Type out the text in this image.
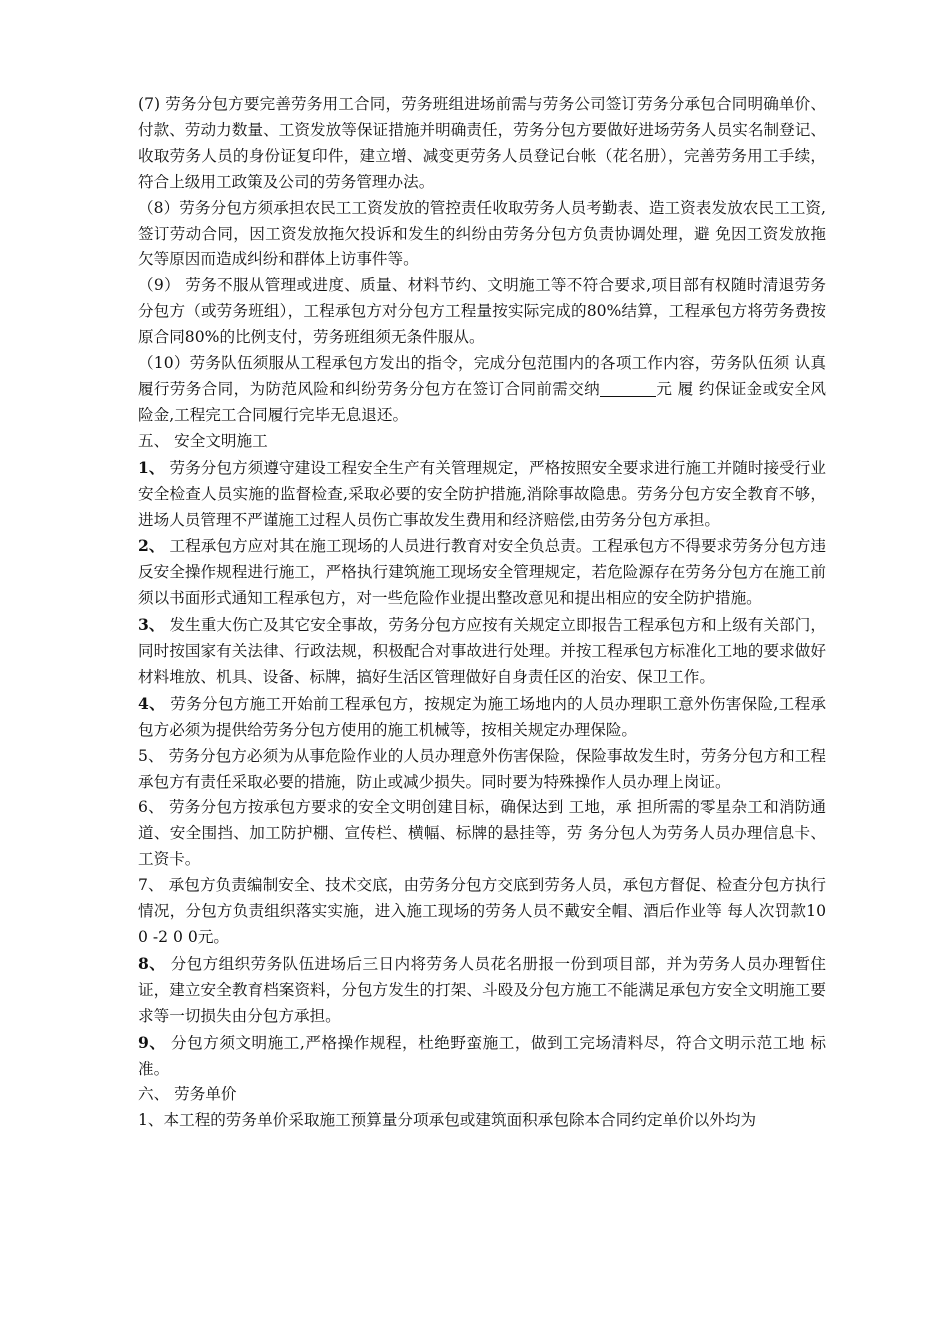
(7) 劳务分包方要完善劳务用工合同，劳务班组进场前需与劳务公司签订劳务分承包合同明确单价、付款、劳动力数量、工资发放等保证措施并明确责任，劳务分包方要做好进场劳务人员实名制登记、收取劳务人员的身份证复印件，建立增、减变更劳务人员登记台帐（花名册），完善劳务用工手续，符合上级用工政策及公司的劳务管理办法。

（8）劳务分包方须承担农民工工资发放的管控责任收取劳务人员考勤表、造工资表发放农民工工资,签订劳动合同，因工资发放拖欠投诉和发生的纠纷由劳务分包方负责协调处理，避 免因工资发放拖欠等原因而造成纠纷和群体上访事件等。

（9） 劳务不服从管理或进度、质量、材料节约、文明施工等不符合要求,项目部有权随时清退劳务分包方（或劳务班组），工程承包方对分包方工程量按实际完成的80%结算，工程承包方将劳务费按原合同80%的比例支付，劳务班组须无条件服从。

（10）劳务队伍须服从工程承包方发出的指令，完成分包范围内的各项工作内容，劳务队伍须 认真履行劳务合同，为防范风险和纠纷劳务分包方在签订合同前需交纳	元 履 约保证金或安全风险金,工程完工合同履行完毕无息退还。

五、 安全文明施工

1、 劳务分包方须遵守建设工程安全生产有关管理规定，严格按照安全要求进行施工并随时接受行业安全检查人员实施的监督检查,采取必要的安全防护措施,消除事故隐患。劳务分包方安全教育不够，进场人员管理不严谨施工过程人员伤亡事故发生费用和经济赔偿,由劳务分包方承担。

2、 工程承包方应对其在施工现场的人员进行教育对安全负总责。工程承包方不得要求劳务分包方违反安全操作规程进行施工，严格执行建筑施工现场安全管理规定，若危险源存在劳务分包方在施工前须以书面形式通知工程承包方，对一些危险作业提出整改意见和提出相应的安全防护措施。

3、 发生重大伤亡及其它安全事故，劳务分包方应按有关规定立即报告工程承包方和上级有关部门，同时按国家有关法律、行政法规，积极配合对事故进行处理。并按工程承包方标准化工地的要求做好材料堆放、机具、设备、标牌，搞好生活区管理做好自身责任区的治安、保卫工作。

4、 劳务分包方施工开始前工程承包方，按规定为施工场地内的人员办理职工意外伤害保险,工程承包方必须为提供给劳务分包方使用的施工机械等，按相关规定办理保险。

5、 劳务分包方必须为从事危险作业的人员办理意外伤害保险，保险事故发生时，劳务分包方和工程承包方有责任采取必要的措施，防止或减少损失。同时要为特殊操作人员办理上岗证。

6、 劳务分包方按承包方要求的安全文明创建目标，确保达到 工地，承 担所需的零星杂工和消防通道、安全围挡、加工防护棚、宣传栏、横幅、标牌的悬挂等，劳 务分包人为劳务人员办理信息卡、工资卡。

7、 承包方负责编制安全、技术交底，由劳务分包方交底到劳务人员，承包方督促、检查分包方执行情况，分包方负责组织落实实施，进入施工现场的劳务人员不戴安全帽、酒后作业等 每人次罚款10 0 -2 0 0元。

8、 分包方组织劳务队伍进场后三日内将劳务人员花名册报一份到项目部，并为劳务人员办理暂住证，建立安全教育档案资料，分包方发生的打架、斗殴及分包方施工不能满足承包方安全文明施工要求等一切损失由分包方承担。

9、 分包方须文明施工,严格操作规程，杜绝野蛮施工，做到工完场清料尽，符合文明示范工地 标准。

六、 劳务单价

1、本工程的劳务单价采取施工预算量分项承包或建筑面积承包除本合同约定单价以外均为
